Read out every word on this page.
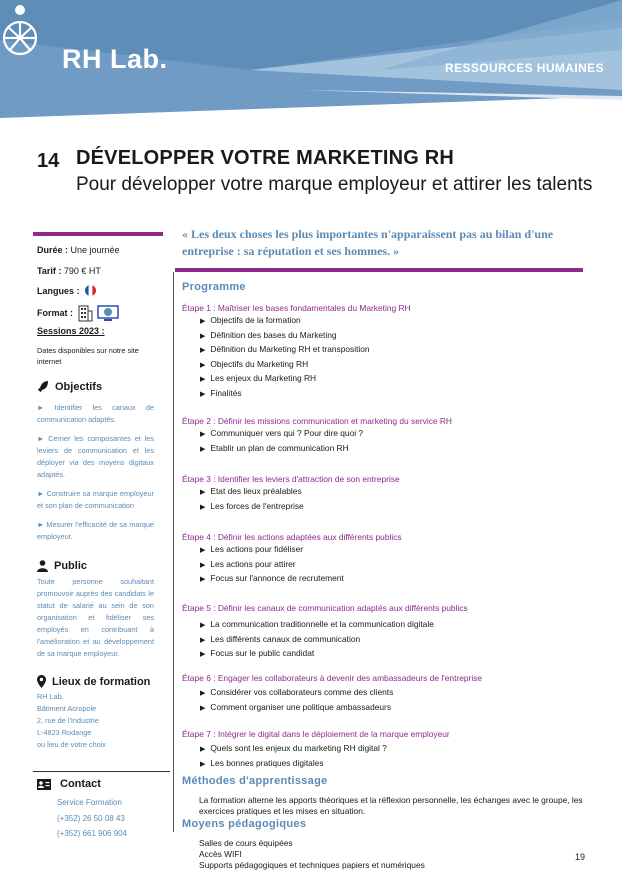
RH Lab.	RESSOURCES HUMAINES
14 DÉVELOPPER VOTRE MARKETING RH
Pour développer votre marque employeur et attirer les talents
Durée : Une journée
Tarif : 790 € HT
Langues :
Format :
Sessions 2023 :
Dates disponibles sur notre site internet
Objectifs

► Identifier les canaux de communication adaptés.

► Cerner les composantes et les leviers de communication et les déployer via des moyens digitaux adaptés.

► Construire sa marque employeur et son plan de communication

► Mesurer l'efficacité de sa marque employeur.

Public

Toute personne souhaitant promouvoir auprès des candidats le statut de salarié au sein de son organisation et fidéliser ses employés en contribuant à l'amélioration et au développement de sa marque employeur.

Lieux de formation
RH Lab.
Bâtiment Acropole
2, rue de l'Industrie
L-4823 Rodange
ou lieu de votre choix
Contact
Service Formation
(+352) 26 50 08 43
(+352) 661 906 904
« Les deux choses les plus importantes n'apparaissent pas au bilan d'une entreprise : sa réputation et ses hommes. »
Programme
Étape 1 : Maîtriser les bases fondamentales du Marketing RH
▶ Objectifs de la formation
▶ Définition des bases du Marketing
▶ Définition du Marketing RH et transposition
▶ Objectifs du Marketing RH
▶ Les enjeux du Marketing RH
▶ Finalités
Étape 2 : Définir les missions communication et marketing du service RH
▶ Communiquer vers qui ? Pour dire quoi ?
▶ Etablir un plan de communication RH
Étape 3 : Identifier les leviers d'attraction de son entreprise
▶ Etat des lieux préalables
▶ Les forces de l'entreprise
Étape 4 : Définir les actions adaptées aux différents publics
▶ Les actions pour fidéliser
▶ Les actions pour attirer
▶ Focus sur l'annonce de recrutement
Étape 5 : Définir les canaux de communication adaptés aux différents publics
▶ La communication traditionnelle et la communication digitale
▶ Les différents canaux de communication
▶ Focus sur le public candidat
Étape 6 : Engager les collaborateurs à devenir des ambassadeurs de l'entreprise
▶ Considérer vos collaborateurs comme des clients
▶ Comment organiser une politique ambassadeurs
Étape 7 : Intégrer le digital dans le déploiement de la marque employeur
▶ Quels sont les enjeux du marketing RH digital ?
▶ Les bonnes pratiques digitales
Méthodes d'apprentissage
La formation alterne les apports théoriques et la réflexion personnelle, les échanges avec le groupe, les exercices pratiques et les mises en situation.
Moyens pédagogiques
Salles de cours équipées
Accès WIFI
Supports pédagogiques et techniques papiers et numériques
19
